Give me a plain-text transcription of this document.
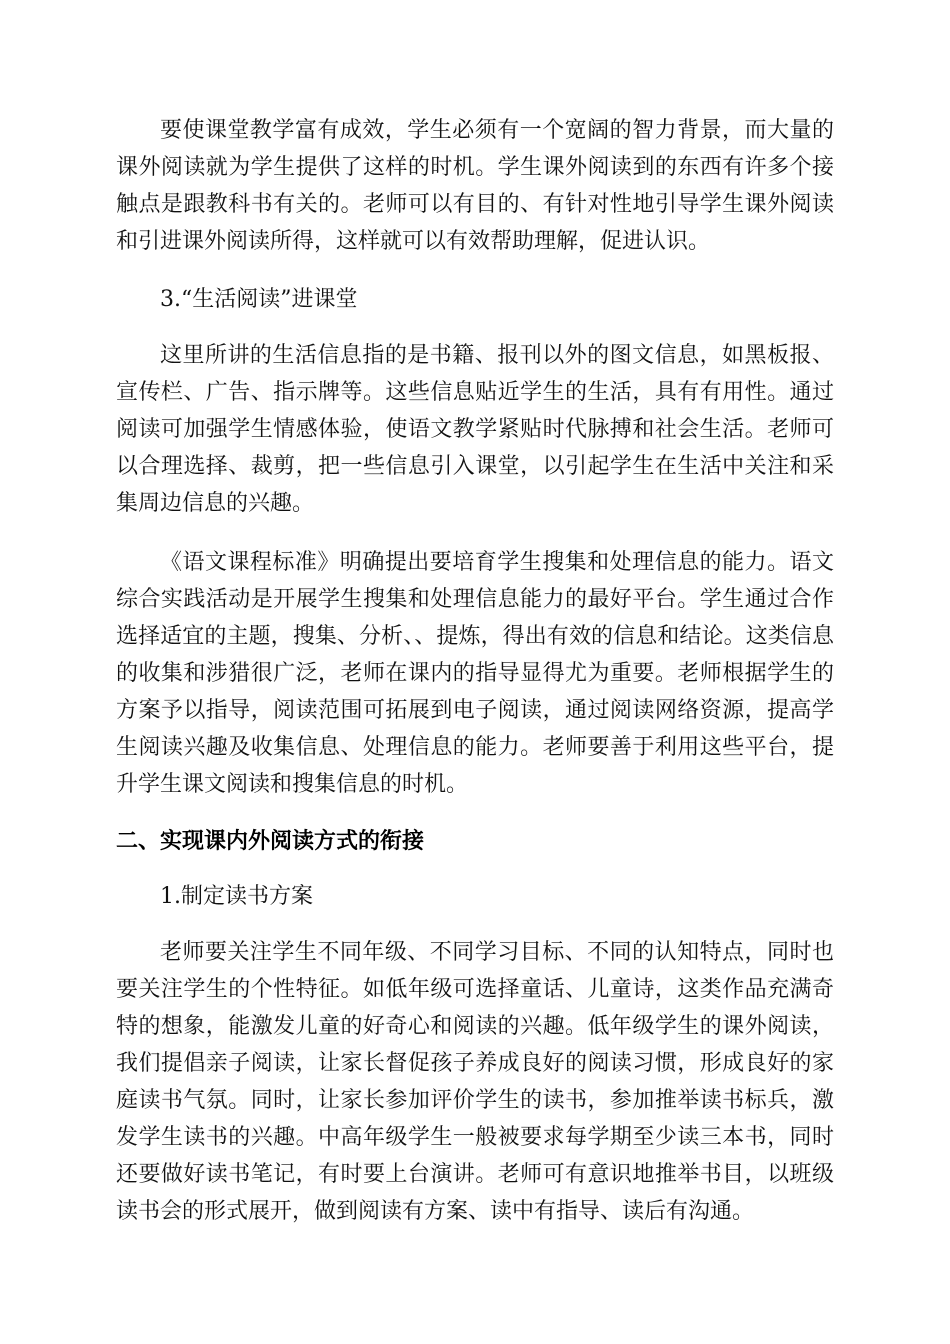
要使课堂教学富有成效，学生必须有一个宽阔的智力背景，而大量的课外阅读就为学生提供了这样的时机。学生课外阅读到的东西有许多个接触点是跟教科书有关的。老师可以有目的、有针对性地引导学生课外阅读和引进课外阅读所得，这样就可以有效帮助理解，促进认识。

3.“生活阅读”进课堂

这里所讲的生活信息指的是书籍、报刊以外的图文信息，如黑板报、宣传栏、广告、指示牌等。这些信息贴近学生的生活，具有有用性。通过阅读可加强学生情感体验，使语文教学紧贴时代脉搏和社会生活。老师可以合理选择、裁剪，把一些信息引入课堂，以引起学生在生活中关注和采集周边信息的兴趣。

《语文课程标准》明确提出要培育学生搜集和处理信息的能力。语文综合实践活动是开展学生搜集和处理信息能力的最好平台。学生通过合作选择适宜的主题，搜集、分析、、提炼，得出有效的信息和结论。这类信息的收集和涉猎很广泛，老师在课内的指导显得尤为重要。老师根据学生的方案予以指导，阅读范围可拓展到电子阅读，通过阅读网络资源，提高学生阅读兴趣及收集信息、处理信息的能力。老师要善于利用这些平台，提升学生课文阅读和搜集信息的时机。

二、实现课内外阅读方式的衔接

1.制定读书方案

老师要关注学生不同年级、不同学习目标、不同的认知特点，同时也要关注学生的个性特征。如低年级可选择童话、儿童诗，这类作品充满奇特的想象，能激发儿童的好奇心和阅读的兴趣。低年级学生的课外阅读，我们提倡亲子阅读，让家长督促孩子养成良好的阅读习惯，形成良好的家庭读书气氛。同时，让家长参加评价学生的读书，参加推举读书标兵，激发学生读书的兴趣。中高年级学生一般被要求每学期至少读三本书，同时还要做好读书笔记，有时要上台演讲。老师可有意识地推举书目，以班级读书会的形式展开，做到阅读有方案、读中有指导、读后有沟通。
